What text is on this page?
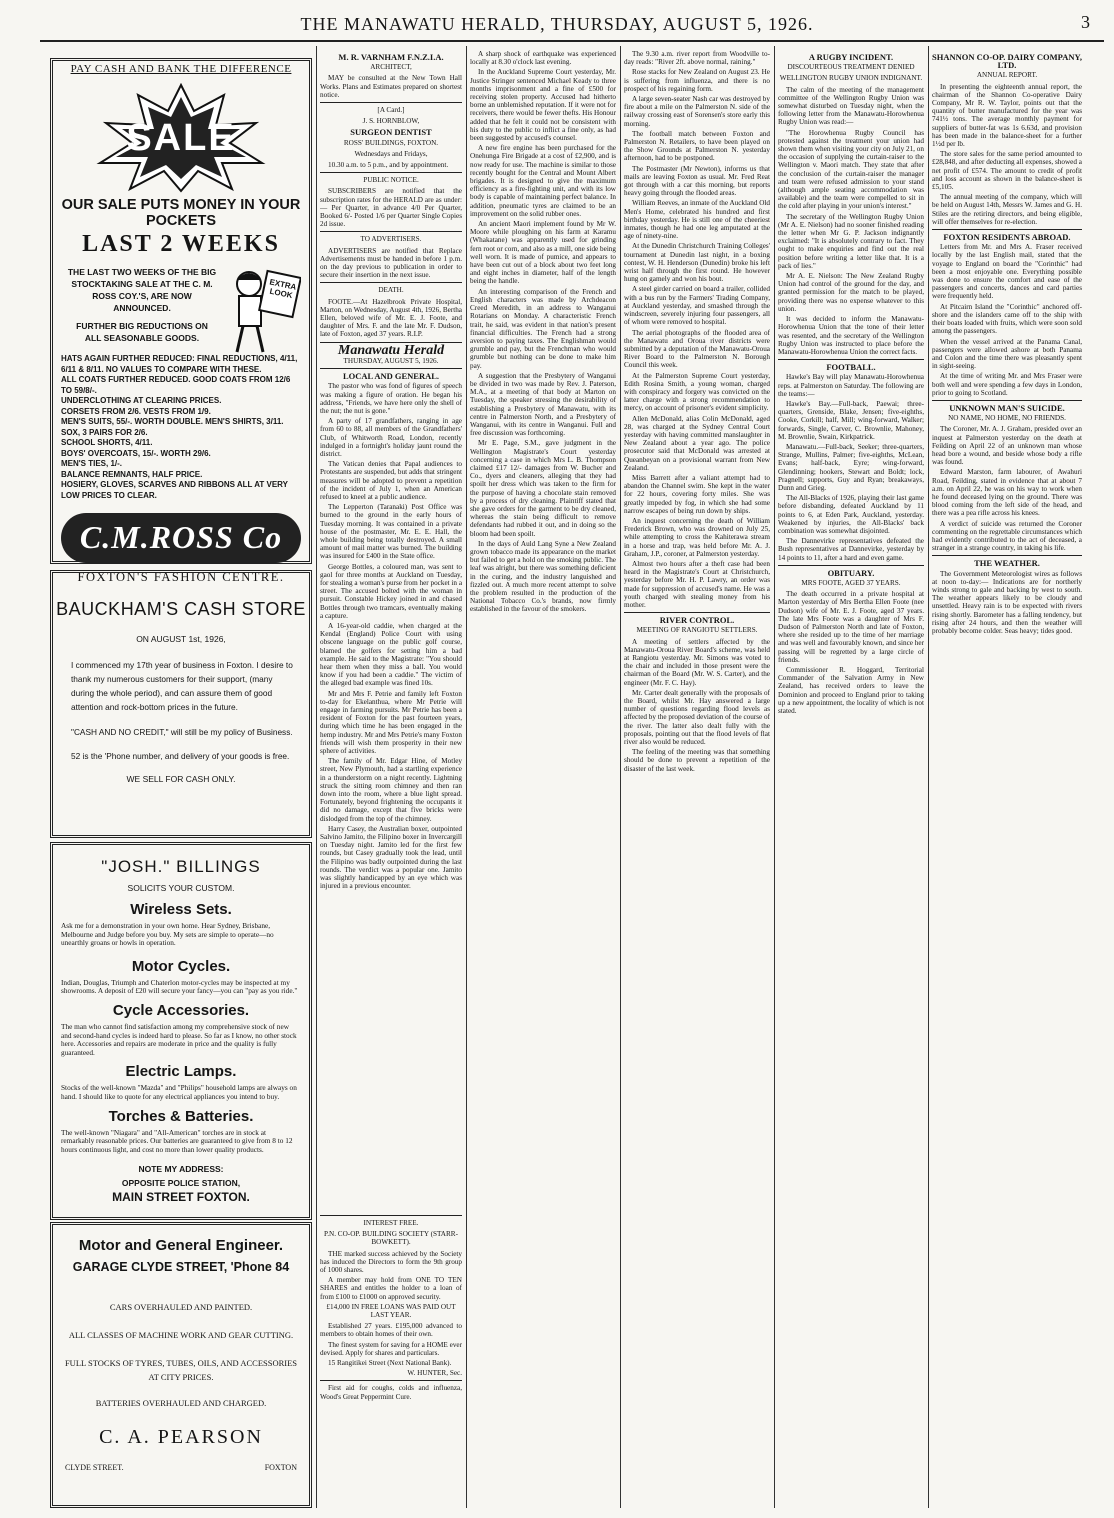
THE MANAWATU HERALD, THURSDAY, AUGUST 5, 1926.	3
PAY CASH AND BANK THE DIFFERENCE
SALE
OUR SALE PUTS MONEY IN YOUR POCKETS
LAST 2 WEEKS
THE LAST TWO WEEKS OF THE BIG STOCKTAKING SALE AT THE C. M. ROSS COY.'S, ARE NOW ANNOUNCED.
EXTRA LOOK
FURTHER BIG REDUCTIONS ON ALL SEASONABLE GOODS.
HATS AGAIN FURTHER REDUCED: FINAL REDUCTIONS, 4/11, 6/11 & 8/11. NO VALUES TO COMPARE WITH THESE.
ALL COATS FURTHER REDUCED. GOOD COATS FROM 12/6 TO 59/8/-.
UNDERCLOTHING AT CLEARING PRICES.
CORSETS FROM 2/6. VESTS FROM 1/9.
MEN'S SUITS, 55/-. WORTH DOUBLE. MEN'S SHIRTS, 3/11. SOX, 3 PAIRS FOR 2/6.
SCHOOL SHORTS, 4/11.
BOYS' OVERCOATS, 15/-. WORTH 29/6.
MEN'S TIES, 1/-.
BALANCE REMNANTS, HALF PRICE.
HOSIERY, GLOVES, SCARVES AND RIBBONS ALL AT VERY LOW PRICES TO CLEAR.
C.M.ROSS Co
FOXTON'S FASHION CENTRE.
BAUCKHAM'S CASH STORE
ON AUGUST 1st, 1926,
I commenced my 17th year of business in Foxton. I desire to thank my numerous customers for their support, (many during the whole period), and can assure them of good attention and rock-bottom prices in the future.
"CASH AND NO CREDIT," will still be my policy of Business.
52 is the 'Phone number, and delivery of your goods is free.
WE SELL FOR CASH ONLY.
"JOSH." BILLINGS
SOLICITS YOUR CUSTOM.
Wireless Sets.
Ask me for a demonstration in your own home. Hear Sydney, Brisbane, Melbourne and Judge before you buy. My sets are simple to operate—no unearthly groans or howls in operation.
Motor Cycles.
Indian, Douglas, Triumph and Chaterlon motor-cycles may be inspected at my showrooms. A deposit of £20 will secure your fancy—you can "pay as you ride."
Cycle Accessories.
The man who cannot find satisfaction among my comprehensive stock of new and second-hand cycles is indeed hard to please. So far as I know, no other stock here. Accessories and repairs are moderate in price and the quality is fully guaranteed.
Electric Lamps.
Stocks of the well-known "Mazda" and "Philips" household lamps are always on hand. I should like to quote for any electrical appliances you intend to buy.
Torches & Batteries.
The well-known "Niagara" and "All-American" torches are in stock at remarkably reasonable prices. Our batteries are guaranteed to give from 8 to 12 hours continuous light, and cost no more than lower quality products.
NOTE MY ADDRESS:
OPPOSITE POLICE STATION,
MAIN STREET FOXTON.
Motor and General Engineer.
GARAGE CLYDE STREET, 'Phone 84
CARS OVERHAULED AND PAINTED.
ALL CLASSES OF MACHINE WORK AND GEAR CUTTING.
FULL STOCKS OF TYRES, TUBES, OILS, AND ACCESSORIES AT CITY PRICES.
BATTERIES OVERHAULED AND CHARGED.
C. A. PEARSON
CLYDE STREET.	FOXTON
M. R. VARNHAM F.N.Z.I.A.
ARCHITECT,

MAY be consulted at the New Town Hall Works. Plans and Estimates prepared on shortest notice.

[A Card.]
J. S. HORNBLOW,
SURGEON DENTIST
ROSS' BUILDINGS, FOXTON.
Wednesdays and Fridays,

10.30 a.m. to 5 p.m., and by appointment.

PUBLIC NOTICE.

SUBSCRIBERS are notified that the subscription rates for the HERALD are as under:— Per Quarter, in advance 4/0 Per Quarter, Booked 6/- Posted 1/6 per Quarter Single Copies 2d issue.

TO ADVERTISERS.

ADVERTISERS are notified that Replace Advertisements must be handed in before 1 p.m. on the day previous to publication in order to secure their insertion in the next issue.

DEATH.

FOOTE.—At Hazelbrook Private Hospital, Marton, on Wednesday, August 4th, 1926, Bertha Ellen, beloved wife of Mr. E. J. Foote, and daughter of Mrs. F. and the late Mr. F. Dudson, late of Foxton, aged 37 years. R.I.P.

Manawatu Herald
THURSDAY, AUGUST 5, 1926.
LOCAL AND GENERAL.

The pastor who was fond of figures of speech was making a figure of oration. He began his address, "Friends, we have here only the shell of the nut; the nut is gone."

A party of 17 grandfathers, ranging in age from 60 to 88, all members of the Grandfathers' Club, of Whitworth Road, London, recently indulged in a fortnight's holiday jaunt round the district.

The Vatican denies that Papal audiences to Protestants are suspended, but adds that stringent measures will be adopted to prevent a repetition of the incident of July 1, when an American refused to kneel at a public audience.

The Lepperton (Taranaki) Post Office was burned to the ground in the early hours of Tuesday morning. It was contained in a private house of the postmaster, Mr. E. E. Hall, the whole building being totally destroyed. A small amount of mail matter was burned. The building was insured for £400 in the State office.

George Bottles, a coloured man, was sent to gaol for three months at Auckland on Tuesday, for stealing a woman's purse from her pocket in a street. The accused bolted with the woman in pursuit. Constable Hickey joined in and chased Bottles through two tramcars, eventually making a capture.

A 16-year-old caddie, when charged at the Kendal (England) Police Court with using obscene language on the public golf course, blamed the golfers for setting him a bad example. He said to the Magistrate: "You should hear them when they miss a ball. You would know if you had been a caddie." The victim of the alleged bad example was fined 10s.

Mr and Mrs F. Petrie and family left Foxton to-day for Ekelanthua, where Mr Petrie will engage in farming pursuits. Mr Petrie has been a resident of Foxton for the past fourteen years, during which time he has been engaged in the hemp industry. Mr and Mrs Petrie's many Foxton friends will wish them prosperity in their new sphere of activities.

The family of Mr. Edgar Hine, of Motley street, New Plymouth, had a startling experience in a thunderstorm on a night recently. Lightning struck the sitting room chimney and then ran down into the room, where a blue light spread. Fortunately, beyond frightening the occupants it did no damage, except that five bricks were dislodged from the top of the chimney.

Harry Casey, the Australian boxer, outpointed Salvino Jamito, the Filipino boxer in Invercargill on Tuesday night. Jamito led for the first few rounds, but Casey gradually took the lead, until the Filipino was badly outpointed during the last rounds. The verdict was a popular one. Jamito was slightly handicapped by an eye which was injured in a previous encounter.

INTEREST FREE.
P.N. CO-OP. BUILDING SOCIETY (STARR-BOWKETT).

THE marked success achieved by the Society has induced the Directors to form the 9th group of 1000 shares.

A member may hold from ONE TO TEN SHARES and entitles the holder to a loan of from £100 to £1000 on approved security.

£14,000 IN FREE LOANS WAS PAID OUT LAST YEAR.

Established 27 years. £195,000 advanced to members to obtain homes of their own.

The finest system for saving for a HOME ever devised. Apply for shares and particulars.

15 Rangitikei Street (Next National Bank).

W. HUNTER, Sec.

First aid for coughs, colds and influenza, Wood's Great Peppermint Cure.

A sharp shock of earthquake was experienced locally at 8.30 o'clock last evening.

In the Auckland Supreme Court yesterday, Mr. Justice Stringer sentenced Michael Keady to three months imprisonment and a fine of £500 for receiving stolen property. Accused had hitherto borne an unblemished reputation. If it were not for receivers, there would be fewer thefts. His Honour added that he felt it could not be consistent with his duty to the public to inflict a fine only, as had been suggested by accused's counsel.

A new fire engine has been purchased for the Onehunga Fire Brigade at a cost of £2,900, and is now ready for use. The machine is similar to those recently bought for the Central and Mount Albert brigades. It is designed to give the maximum efficiency as a fire-fighting unit, and with its low body is capable of maintaining perfect balance. In addition, pneumatic tyres are claimed to be an improvement on the solid rubber ones.

An ancient Maori implement found by Mr W. Moore while ploughing on his farm at Karamu (Whakatane) was apparently used for grinding fern root or corn, and also as a mill, one side being well worn. It is made of pumice, and appears to have been cut out of a block about two feet long and eight inches in diameter, half of the length being the handle.

An interesting comparison of the French and English characters was made by Archdeacon Creed Meredith, in an address to Wanganui Rotarians on Monday. A characteristic French trait, he said, was evident in that nation's present financial difficulties. The French had a strong aversion to paying taxes. The Englishman would grumble and pay, but the Frenchman who would grumble but nothing can be done to make him pay.

A suggestion that the Presbytery of Wanganui be divided in two was made by Rev. J. Paterson, M.A., at a meeting of that body at Marton on Tuesday, the speaker stressing the desirability of establishing a Presbytery of Manawatu, with its centre in Palmerston North, and a Presbytery of Wanganui, with its centre in Wanganui. Full and free discussion was forthcoming.

Mr E. Page, S.M., gave judgment in the Wellington Magistrate's Court yesterday concerning a case in which Mrs L. B. Thompson claimed £17 12/- damages from W. Bucher and Co., dyers and cleaners, alleging that they had spoilt her dress which was taken to the firm for the purpose of having a chocolate stain removed by a process of dry cleaning. Plaintiff stated that she gave orders for the garment to be dry cleaned, whereas the stain being difficult to remove defendants had rubbed it out, and in doing so the bloom had been spoilt.

In the days of Auld Lang Syne a New Zealand grown tobacco made its appearance on the market but failed to get a hold on the smoking public. The leaf was alright, but there was something deficient in the curing, and the industry languished and fizzled out. A much more recent attempt to solve the problem resulted in the production of the National Tobacco Co.'s brands, now firmly established in the favour of the smokers.

The 9.30 a.m. river report from Woodville to-day reads: "River 2ft. above normal, raining."

Rose stacks for New Zealand on August 23. He is suffering from influenza, and there is no prospect of his regaining form.

A large seven-seater Nash car was destroyed by fire about a mile on the Palmerston N. side of the railway crossing east of Sorensen's store early this morning.

The football match between Foxton and Palmerston N. Retailers, to have been played on the Show Grounds at Palmerston N. yesterday afternoon, had to be postponed.

The Postmaster (Mr Newton), informs us that mails are leaving Foxton as usual. Mr. Fred Reat got through with a car this morning, but reports heavy going through the flooded areas.

William Reeves, an inmate of the Auckland Old Men's Home, celebrated his hundred and first birthday yesterday. He is still one of the cheeriest inmates, though he had one leg amputated at the age of ninety-nine.

At the Dunedin Christchurch Training Colleges' tournament at Dunedin last night, in a boxing contest, W. H. Henderson (Dunedin) broke his left wrist half through the first round. He however hung on gamely and won his bout.

A steel girder carried on board a trailer, collided with a bus run by the Farmers' Trading Company, at Auckland yesterday, and smashed through the windscreen, severely injuring four passengers, all of whom were removed to hospital.

The aerial photographs of the flooded area of the Manawatu and Oroua river districts were submitted by a deputation of the Manawatu-Oroua River Board to the Palmerston N. Borough Council this week.

At the Palmerston Supreme Court yesterday, Edith Rosina Smith, a young woman, charged with conspiracy and forgery was convicted on the latter charge with a strong recommendation to mercy, on account of prisoner's evident simplicity.

Allen McDonald, alias Colin McDonald, aged 28, was charged at the Sydney Central Court yesterday with having committed manslaughter in New Zealand about a year ago. The police prosecutor said that McDonald was arrested at Queanbeyan on a provisional warrant from New Zealand.

Miss Barrett after a valiant attempt had to abandon the Channel swim. She kept in the water for 22 hours, covering forty miles. She was greatly impeded by fog, in which she had some narrow escapes of being run down by ships.

An inquest concerning the death of William Frederick Brown, who was drowned on July 25, while attempting to cross the Kahiterawa stream in a horse and trap, was held before Mr. A. J. Graham, J.P., coroner, at Palmerston yesterday.

Almost two hours after a theft case had been heard in the Magistrate's Court at Christchurch, yesterday before Mr. H. P. Lawry, an order was made for suppression of accused's name. He was a youth charged with stealing money from his mother.

RIVER CONTROL.
MEETING OF RANGIOTU SETTLERS.

A meeting of settlers affected by the Manawatu-Oroua River Board's scheme, was held at Rangiotu yesterday. Mr. Simons was voted to the chair and included in those present were the chairman of the Board (Mr. W. S. Carter), and the engineer (Mr. F. C. Hay).

Mr. Carter dealt generally with the proposals of the Board, whilst Mr. Hay answered a large number of questions regarding flood levels as affected by the proposed deviation of the course of the river. The latter also dealt fully with the proposals, pointing out that the flood levels of flat river also would be reduced.

The feeling of the meeting was that something should be done to prevent a repetition of the disaster of the last week.

A RUGBY INCIDENT.
DISCOURTEOUS TREATMENT DENIED
WELLINGTON RUGBY UNION INDIGNANT.

The calm of the meeting of the management committee of the Wellington Rugby Union was somewhat disturbed on Tuesday night, when the following letter from the Manawatu-Horowhenua Rugby Union was read:—

"The Horowhenua Rugby Council has protested against the treatment your union had shown them when visiting your city on July 21, on the occasion of supplying the curtain-raiser to the Wellington v. Maori match. They state that after the conclusion of the curtain-raiser the manager and team were refused admission to your stand (although ample seating accommodation was available) and the team were compelled to sit in the cold after playing in your union's interest."

The secretary of the Wellington Rugby Union (Mr A. E. Nielson) had no sooner finished reading the letter when Mr G. P. Jackson indignantly exclaimed: "It is absolutely contrary to fact. They ought to make enquiries and find out the real position before writing a letter like that. It is a pack of lies."

Mr A. E. Nielson: The New Zealand Rugby Union had control of the ground for the day, and granted permission for the match to be played, providing there was no expense whatever to this union.

It was decided to inform the Manawatu-Horowhenua Union that the tone of their letter was resented, and the secretary of the Wellington Rugby Union was instructed to place before the Manawatu-Horowhenua Union the correct facts.

FOOTBALL.

Hawke's Bay will play Manawatu-Horowhenua reps. at Palmerston on Saturday. The following are the teams:—

Hawke's Bay.—Full-back, Paewai; three-quarters, Grenside, Blake, Jensen; five-eighths, Cooke, Corkill; half, Mill; wing-forward, Walker; forwards, Single, Carver, C. Brownlie, Mahoney, M. Brownlie, Swain, Kirkpatrick.

Manawatu.—Full-back, Seeker; three-quarters, Strange, Mullins, Palmer; five-eighths, McLean, Evans; half-back, Eyre; wing-forward, Glendinning; hookers, Stewart and Boldt; lock, Pragnell; supports, Guy and Ryan; breakaways, Dunn and Grieg.

The All-Blacks of 1926, playing their last game before disbanding, defeated Auckland by 11 points to 6, at Eden Park, Auckland, yesterday. Weakened by injuries, the All-Blacks' back combination was somewhat disjointed.

The Dannevirke representatives defeated the Bush representatives at Dannevirke, yesterday by 14 points to 11, after a hard and even game.

OBITUARY.
MRS FOOTE, AGED 37 YEARS.

The death occurred in a private hospital at Marton yesterday of Mrs Bertha Ellen Foote (nee Dudson) wife of Mr. E. J. Foote, aged 37 years. The late Mrs Foote was a daughter of Mrs F. Dudson of Palmerston North and late of Foxton, where she resided up to the time of her marriage and was well and favourably known, and since her passing will be regretted by a large circle of friends.

Commissioner R. Hoggard, Territorial Commander of the Salvation Army in New Zealand, has received orders to leave the Dominion and proceed to England prior to taking up a new appointment, the locality of which is not stated.

SHANNON CO-OP. DAIRY COMPANY, LTD.
ANNUAL REPORT.

In presenting the eighteenth annual report, the chairman of the Shannon Co-operative Dairy Company, Mr R. W. Taylor, points out that the quantity of butter manufactured for the year was 741½ tons. The average monthly payment for suppliers of butter-fat was 1s 6.63d, and provision has been made in the balance-sheet for a further 1½d per lb.

The store sales for the same period amounted to £28,848, and after deducting all expenses, showed a net profit of £574. The amount to credit of profit and loss account as shown in the balance-sheet is £5,105.

The annual meeting of the company, which will be held on August 14th, Messrs W. James and G. H. Stiles are the retiring directors, and being eligible, will offer themselves for re-election.

FOXTON RESIDENTS ABROAD.

Letters from Mr. and Mrs A. Fraser received locally by the last English mail, stated that the voyage to England on board the "Corinthic" had been a most enjoyable one. Everything possible was done to ensure the comfort and ease of the passengers and concerts, dances and card parties were frequently held.

At Pitcairn Island the "Corinthic" anchored off-shore and the islanders came off to the ship with their boats loaded with fruits, which were soon sold among the passengers.

When the vessel arrived at the Panama Canal, passengers were allowed ashore at both Panama and Colon and the time there was pleasantly spent in sight-seeing.

At the time of writing Mr. and Mrs Fraser were both well and were spending a few days in London, prior to going to Scotland.

UNKNOWN MAN'S SUICIDE.
NO NAME, NO HOME, NO FRIENDS.

The Coroner, Mr. A. J. Graham, presided over an inquest at Palmerston yesterday on the death at Feilding on April 22 of an unknown man whose head bore a wound, and beside whose body a rifle was found.

Edward Marston, farm labourer, of Awahuri Road, Feilding, stated in evidence that at about 7 a.m. on April 22, he was on his way to work when he found deceased lying on the ground. There was blood coming from the left side of the head, and there was a pea rifle across his knees.

A verdict of suicide was returned the Coroner commenting on the regrettable circumstances which had evidently contributed to the act of deceased, a stranger in a strange country, in taking his life.

THE WEATHER.

The Government Meteorologist wires as follows at noon to-day:— Indications are for northerly winds strong to gale and backing by west to south. The weather appears likely to be cloudy and unsettled. Heavy rain is to be expected with rivers rising shortly. Barometer has a falling tendency, but rising after 24 hours, and then the weather will probably become colder. Seas heavy; tides good.
